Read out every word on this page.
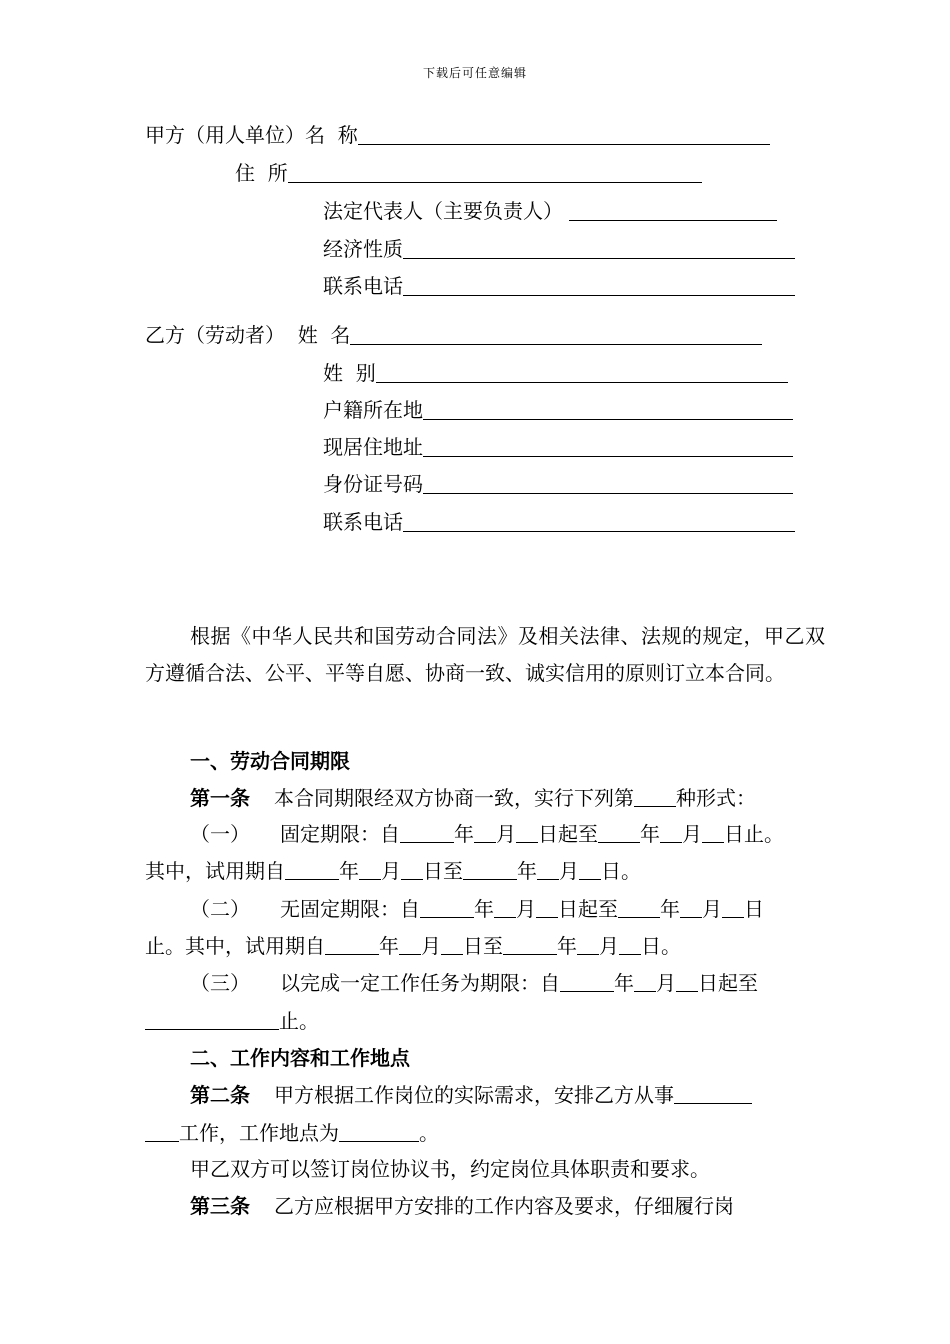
下载后可任意编辑
甲方（用人单位）名  称
住  所
法定代表人（主要负责人）
经济性质
联系电话
乙方（劳动者）  姓  名
姓  别
户籍所在地
现居住地址
身份证号码
联系电话
根据《中华人民共和国劳动合同法》及相关法律、法规的规定，甲乙双方遵循合法、公平、平等自愿、协商一致、诚实信用的原则订立本合同。
一、劳动合同期限
第一条 本合同期限经双方协商一致，实行下列第 种形式：
（一） 固定期限：自	年 月 日起至 年 月 日止。
其中，试用期自	年 月 日至	年 月 日。
（二） 无固定期限：自	年 月 日起至 年 月 日
止。其中，试用期自	年 月 日至	年 月 日。
（三） 以完成一定工作任务为期限：自	年 月 日起至
止。
二、工作内容和工作地点
第二条 甲方根据工作岗位的实际需求，安排乙方从事
工作，工作地点为	。
甲乙双方可以签订岗位协议书，约定岗位具体职责和要求。
第三条 乙方应根据甲方安排的工作内容及要求，仔细履行岗
